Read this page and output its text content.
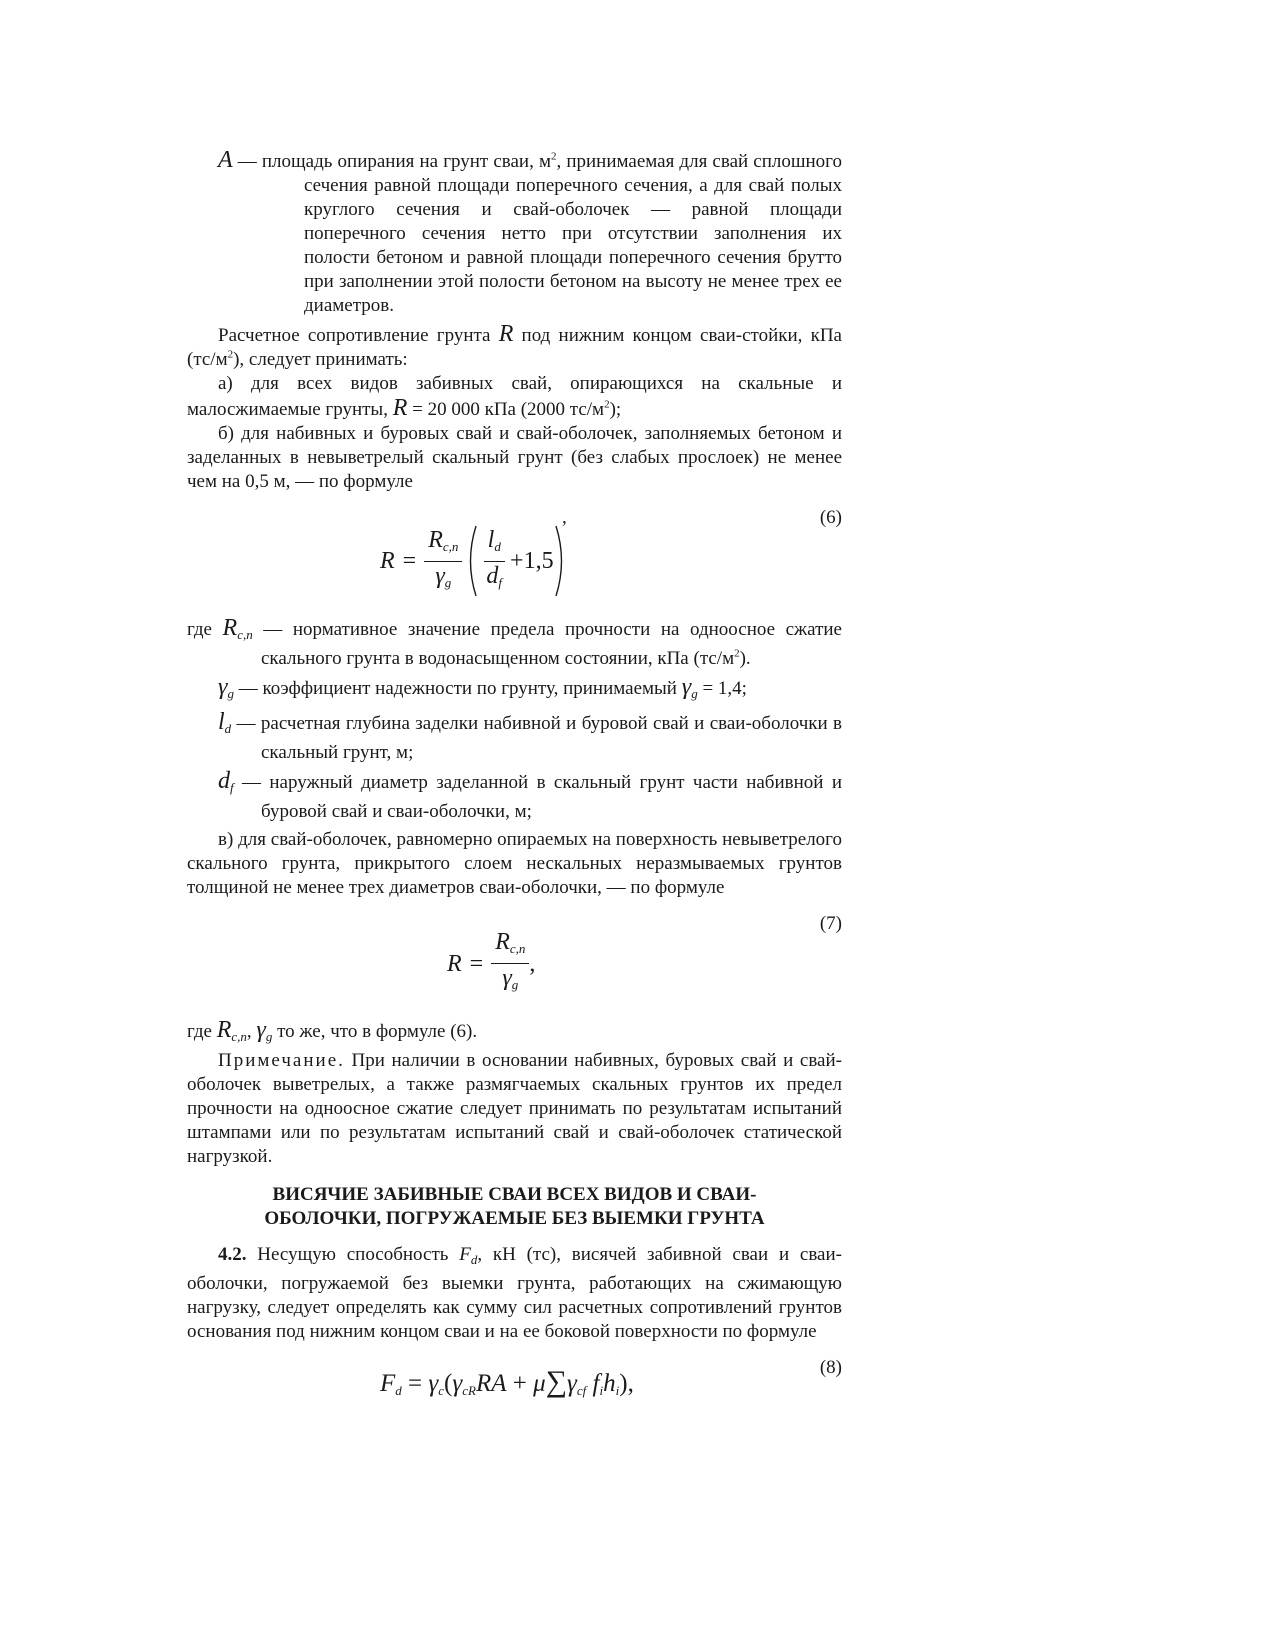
A — площадь опирания на грунт сваи, $м^2$, принимаемая для свай сплошного сечения равной площади поперечного сечения, а для свай полых круглого сечения и свай-оболочек — равной площади поперечного сечения нетто при отсутствии заполнения их полости бетоном и равной площади поперечного сечения брутто при заполнении этой полости бетоном на высоту не менее трех ее диаметров.

Расчетное сопротивление грунта R под нижним концом сваи-стойки, кПа $(тс/м^2)$, следует принимать:

а) для всех видов забивных свай, опирающихся на скальные и малосжимаемые грунты, R = 20 000 кПа (2000 $тс/м^2$);

б) для набивных и буровых свай и свай-оболочек, заполняемых бетоном и заделанных в невыветрелый скальный грунт (без слабых прослоек) не менее чем на 0,5 м, — по формуле

(6)
,
$R = \frac{R_{c,n}}{\gamma_g} \frac{l_d}{d_f} +1,5$

где $R_{c,n}$ — нормативное значение предела прочности на одноосное сжатие скального грунта в водонасыщенном состоянии, кПа $(тс/м^2)$.

$\gamma_g$ — коэффициент надежности по грунту, принимаемый $\gamma_g = 1,4$;

$l_d$ — расчетная глубина заделки набивной и буровой свай и сваи-оболочки в скальный грунт, м;

$d_f$ — наружный диаметр заделанной в скальный грунт части набивной и буровой свай и сваи-оболочки, м;

в) для свай-оболочек, равномерно опираемых на поверхность невыветрелого скального грунта, прикрытого слоем нескальных неразмываемых грунтов толщиной не менее трех диаметров сваи-оболочки, — по формуле

(7)
$R = \frac{R_{c,n}}{\gamma_g}$ ,

где $R_{c,n}$, $\gamma_g$ то же, что в формуле (6).

Примечание. При наличии в основании набивных, буровых свай и свай-оболочек выветрелых, а также размягчаемых скальных грунтов их предел прочности на одноосное сжатие следует принимать по результатам испытаний штампами или по результатам испытаний свай и свай-оболочек статической нагрузкой.

ВИСЯЧИЕ ЗАБИВНЫЕ СВАИ ВСЕХ ВИДОВ И СВАИ-
ОБОЛОЧКИ, ПОГРУЖАЕМЫЕ БЕЗ ВЫЕМКИ ГРУНТА

4.2. Несущую способность $F_d$, кН (тс), висячей забивной сваи и сваи-оболочки, погружаемой без выемки грунта, работающих на сжимающую нагрузку, следует определять как сумму сил расчетных сопротивлений грунтов основания под нижним концом сваи и на ее боковой поверхности по формуле

(8)
$F_d = \gamma_c(\gamma_{cR}RA + \mu\sum\gamma_{cf}$ $f_ih_i$),
